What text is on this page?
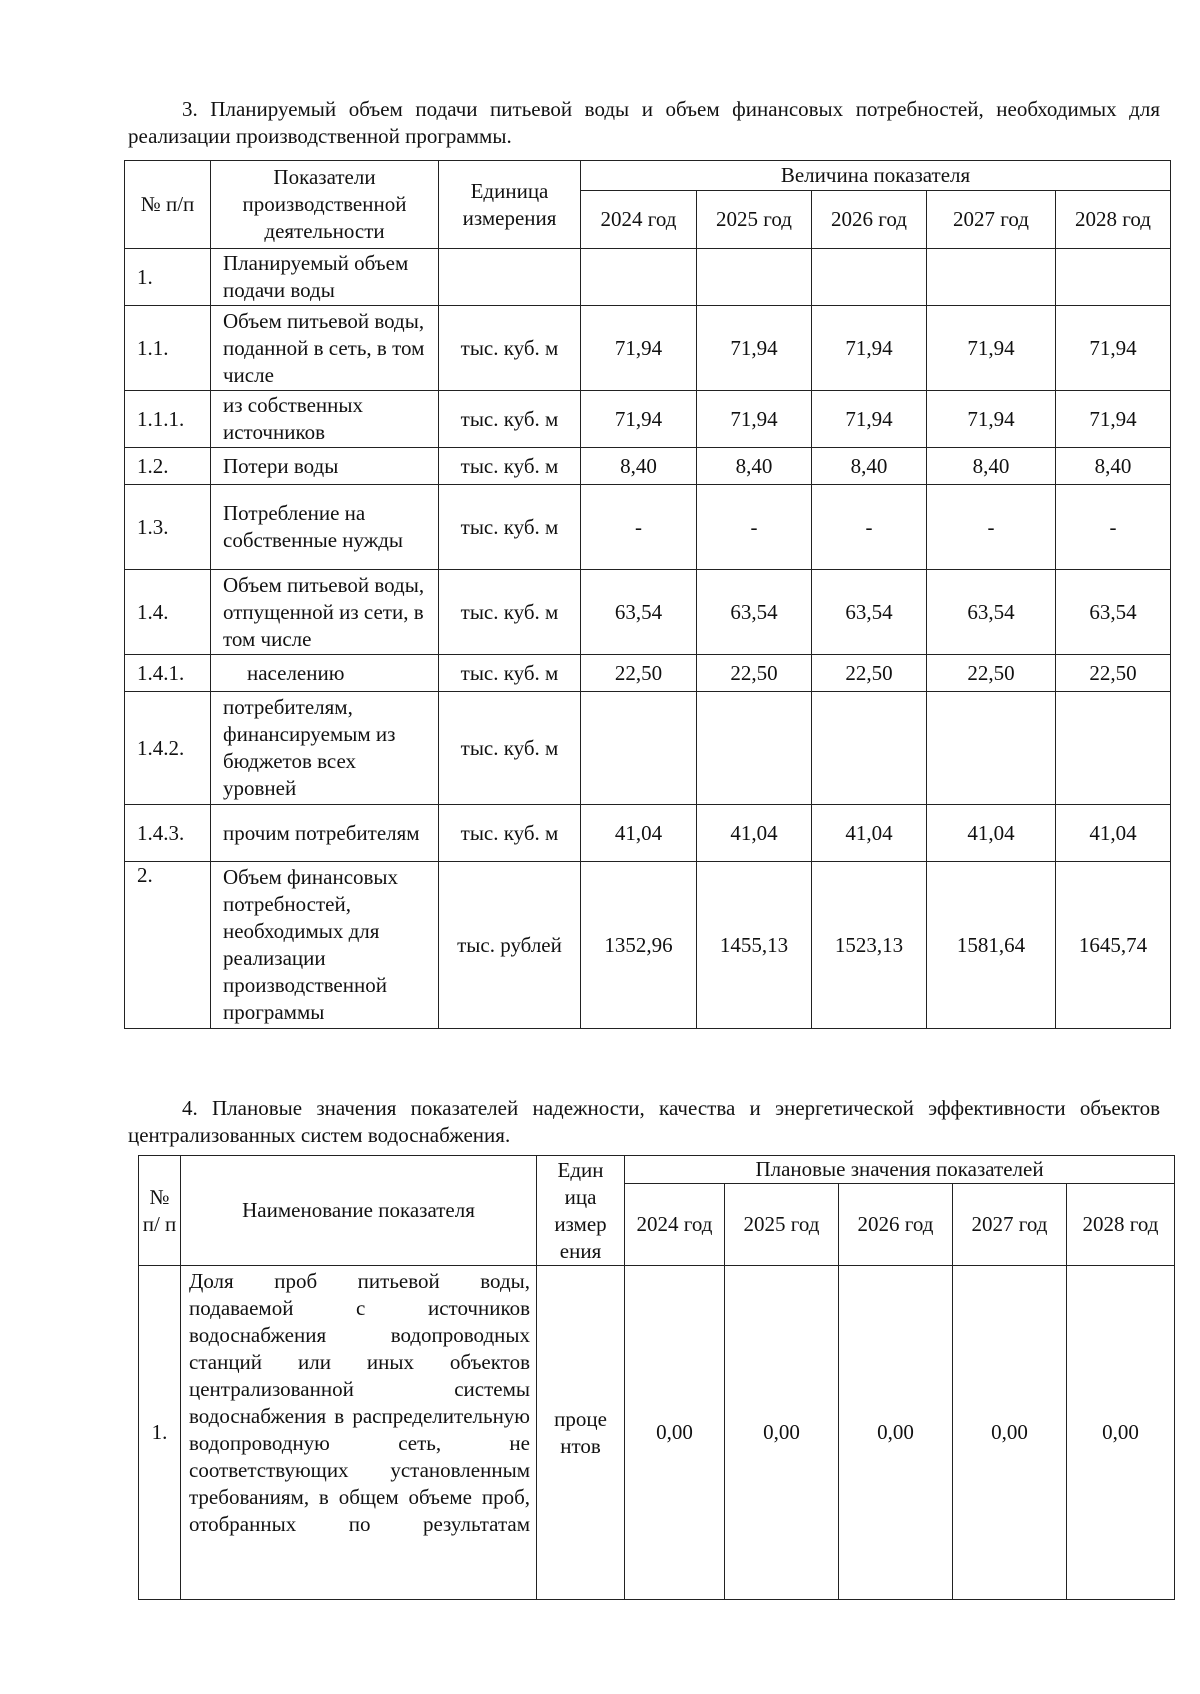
3. Планируемый объем подачи питьевой воды и объем финансовых потребностей, необходимых для реализации производственной программы.

№ п/п	Показатели производственной деятельности	Единица измерения	Величина показателя				
			2024 год	2025 год	2026 год	2027 год	2028 год
1.	Планируемый объем подачи воды						
1.1.	Объем питьевой воды, поданной в сеть, в том числе	тыс. куб. м	71,94	71,94	71,94	71,94	71,94
1.1.1.	из собственных источников	тыс. куб. м	71,94	71,94	71,94	71,94	71,94
1.2.	Потери воды	тыс. куб. м	8,40	8,40	8,40	8,40	8,40
1.3.	Потребление на собственные нужды	тыс. куб. м	-	-	-	-	-
1.4.	Объем питьевой воды, отпущенной из сети, в том числе	тыс. куб. м	63,54	63,54	63,54	63,54	63,54
1.4.1.	населению	тыс. куб. м	22,50	22,50	22,50	22,50	22,50
1.4.2.	потребителям, финансируемым из бюджетов всех уровней	тыс. куб. м					
1.4.3.	прочим потребителям	тыс. куб. м	41,04	41,04	41,04	41,04	41,04
2.	Объем финансовых потребностей, необходимых для реализации производственной программы	тыс. рублей	1352,96	1455,13	1523,13	1581,64	1645,74

4. Плановые значения показателей надежности, качества и энергетической эффективности объектов централизованных систем водоснабжения.

№ п/ п	Наименование показателя	Един ица измер ения	Плановые значения показателей				
			2024 год	2025 год	2026 год	2027 год	2028 год
1.	Доля проб питьевой воды, подаваемой с источников водоснабжения водопроводных станций или иных объектов централизованной системы водоснабжения в распределительную водопроводную сеть, не соответствующих установленным требованиям, в общем объеме проб, отобранных по результатам	проце нтов	0,00	0,00	0,00	0,00	0,00
